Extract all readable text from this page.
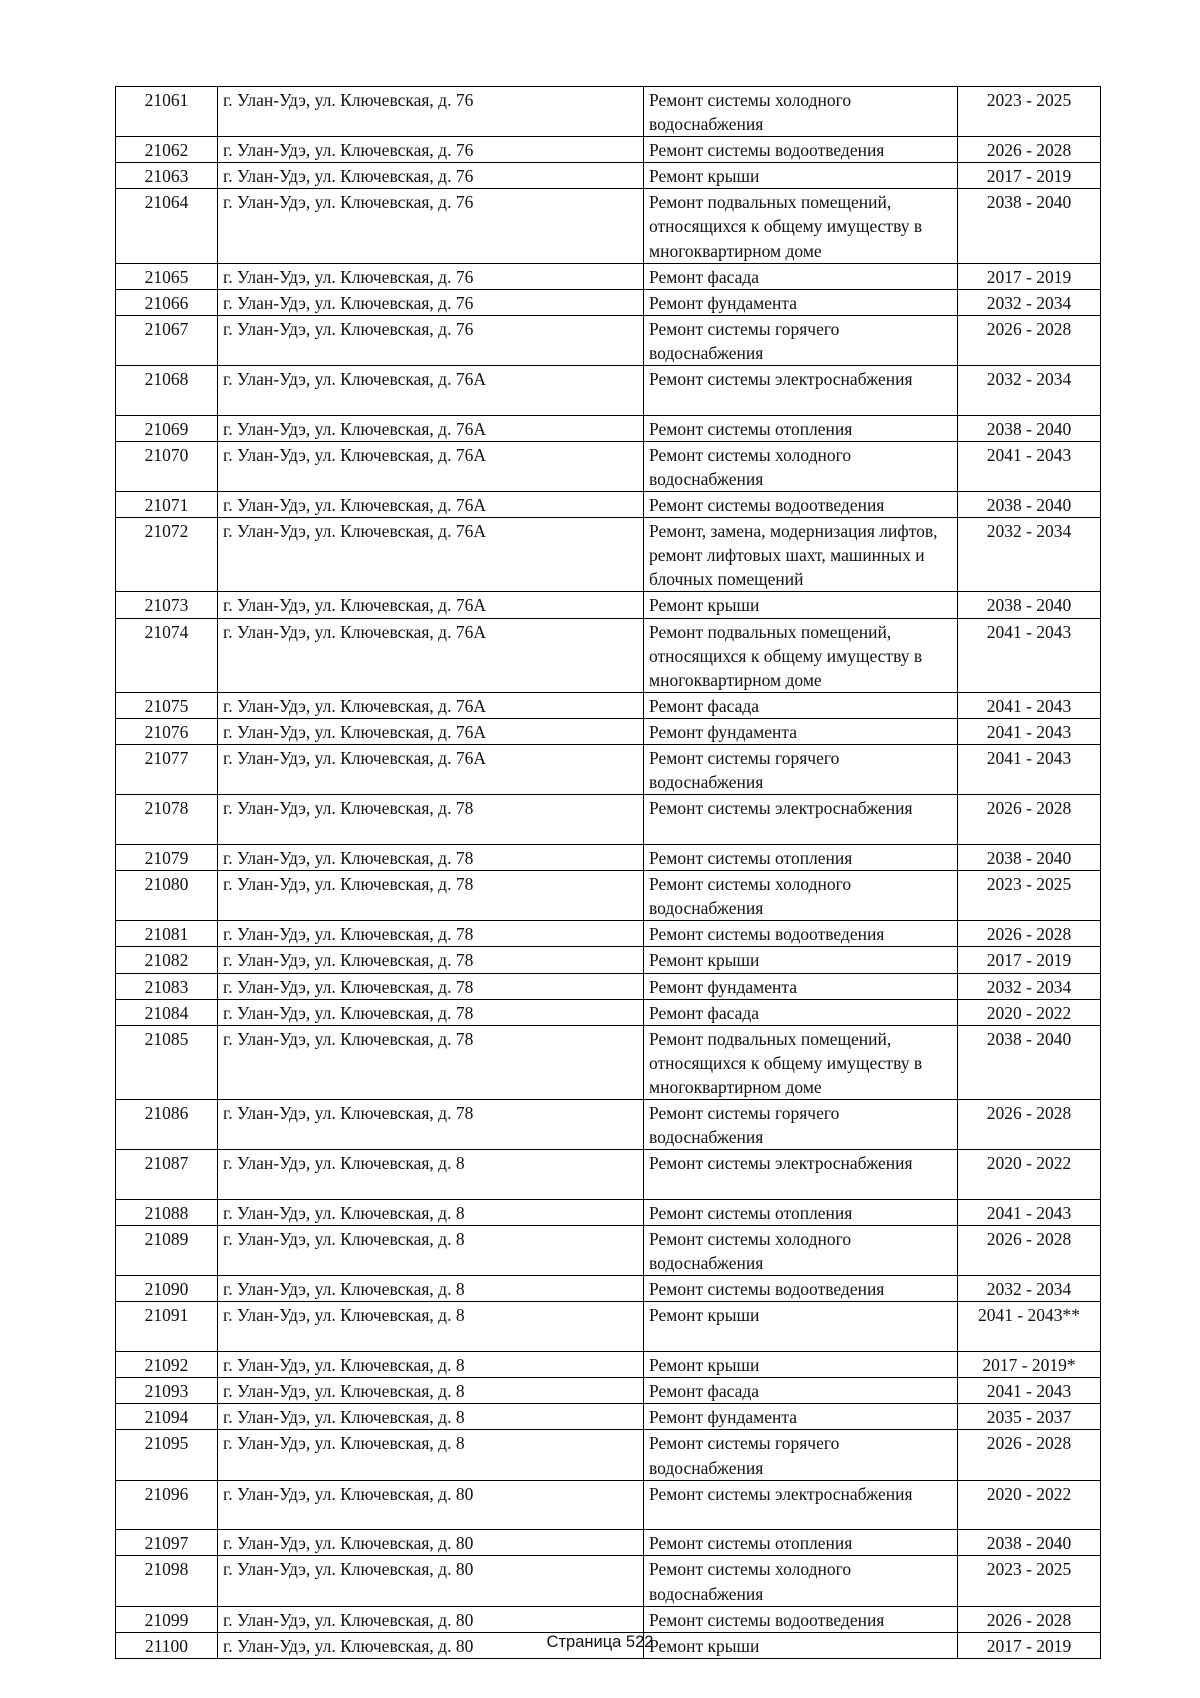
21061	г. Улан-Удэ, ул. Ключевская, д. 76	Ремонт системы холодного водоснабжения	2023 - 2025
21062	г. Улан-Удэ, ул. Ключевская, д. 76	Ремонт системы водоотведения	2026 - 2028
21063	г. Улан-Удэ, ул. Ключевская, д. 76	Ремонт крыши	2017 - 2019
21064	г. Улан-Удэ, ул. Ключевская, д. 76	Ремонт подвальных помещений, относящихся к общему имуществу в многоквартирном доме	2038 - 2040
21065	г. Улан-Удэ, ул. Ключевская, д. 76	Ремонт фасада	2017 - 2019
21066	г. Улан-Удэ, ул. Ключевская, д. 76	Ремонт фундамента	2032 - 2034
21067	г. Улан-Удэ, ул. Ключевская, д. 76	Ремонт системы горячего водоснабжения	2026 - 2028
21068	г. Улан-Удэ, ул. Ключевская, д. 76А	Ремонт системы электроснабжения	2032 - 2034
21069	г. Улан-Удэ, ул. Ключевская, д. 76А	Ремонт системы отопления	2038 - 2040
21070	г. Улан-Удэ, ул. Ключевская, д. 76А	Ремонт системы холодного водоснабжения	2041 - 2043
21071	г. Улан-Удэ, ул. Ключевская, д. 76А	Ремонт системы водоотведения	2038 - 2040
21072	г. Улан-Удэ, ул. Ключевская, д. 76А	Ремонт, замена, модернизация лифтов, ремонт лифтовых шахт, машинных и блочных помещений	2032 - 2034
21073	г. Улан-Удэ, ул. Ключевская, д. 76А	Ремонт крыши	2038 - 2040
21074	г. Улан-Удэ, ул. Ключевская, д. 76А	Ремонт подвальных помещений, относящихся к общему имуществу в многоквартирном доме	2041 - 2043
21075	г. Улан-Удэ, ул. Ключевская, д. 76А	Ремонт фасада	2041 - 2043
21076	г. Улан-Удэ, ул. Ключевская, д. 76А	Ремонт фундамента	2041 - 2043
21077	г. Улан-Удэ, ул. Ключевская, д. 76А	Ремонт системы горячего водоснабжения	2041 - 2043
21078	г. Улан-Удэ, ул. Ключевская, д. 78	Ремонт системы электроснабжения	2026 - 2028
21079	г. Улан-Удэ, ул. Ключевская, д. 78	Ремонт системы отопления	2038 - 2040
21080	г. Улан-Удэ, ул. Ключевская, д. 78	Ремонт системы холодного водоснабжения	2023 - 2025
21081	г. Улан-Удэ, ул. Ключевская, д. 78	Ремонт системы водоотведения	2026 - 2028
21082	г. Улан-Удэ, ул. Ключевская, д. 78	Ремонт крыши	2017 - 2019
21083	г. Улан-Удэ, ул. Ключевская, д. 78	Ремонт фундамента	2032 - 2034
21084	г. Улан-Удэ, ул. Ключевская, д. 78	Ремонт фасада	2020 - 2022
21085	г. Улан-Удэ, ул. Ключевская, д. 78	Ремонт подвальных помещений, относящихся к общему имуществу в многоквартирном доме	2038 - 2040
21086	г. Улан-Удэ, ул. Ключевская, д. 78	Ремонт системы горячего водоснабжения	2026 - 2028
21087	г. Улан-Удэ, ул. Ключевская, д. 8	Ремонт системы электроснабжения	2020 - 2022
21088	г. Улан-Удэ, ул. Ключевская, д. 8	Ремонт системы отопления	2041 - 2043
21089	г. Улан-Удэ, ул. Ключевская, д. 8	Ремонт системы холодного водоснабжения	2026 - 2028
21090	г. Улан-Удэ, ул. Ключевская, д. 8	Ремонт системы водоотведения	2032 - 2034
21091	г. Улан-Удэ, ул. Ключевская, д. 8	Ремонт крыши	2041 - 2043**
21092	г. Улан-Удэ, ул. Ключевская, д. 8	Ремонт крыши	2017 - 2019*
21093	г. Улан-Удэ, ул. Ключевская, д. 8	Ремонт фасада	2041 - 2043
21094	г. Улан-Удэ, ул. Ключевская, д. 8	Ремонт фундамента	2035 - 2037
21095	г. Улан-Удэ, ул. Ключевская, д. 8	Ремонт системы горячего водоснабжения	2026 - 2028
21096	г. Улан-Удэ, ул. Ключевская, д. 80	Ремонт системы электроснабжения	2020 - 2022
21097	г. Улан-Удэ, ул. Ключевская, д. 80	Ремонт системы отопления	2038 - 2040
21098	г. Улан-Удэ, ул. Ключевская, д. 80	Ремонт системы холодного водоснабжения	2023 - 2025
21099	г. Улан-Удэ, ул. Ключевская, д. 80	Ремонт системы водоотведения	2026 - 2028
21100	г. Улан-Удэ, ул. Ключевская, д. 80	Ремонт крыши	2017 - 2019
Страница 522
